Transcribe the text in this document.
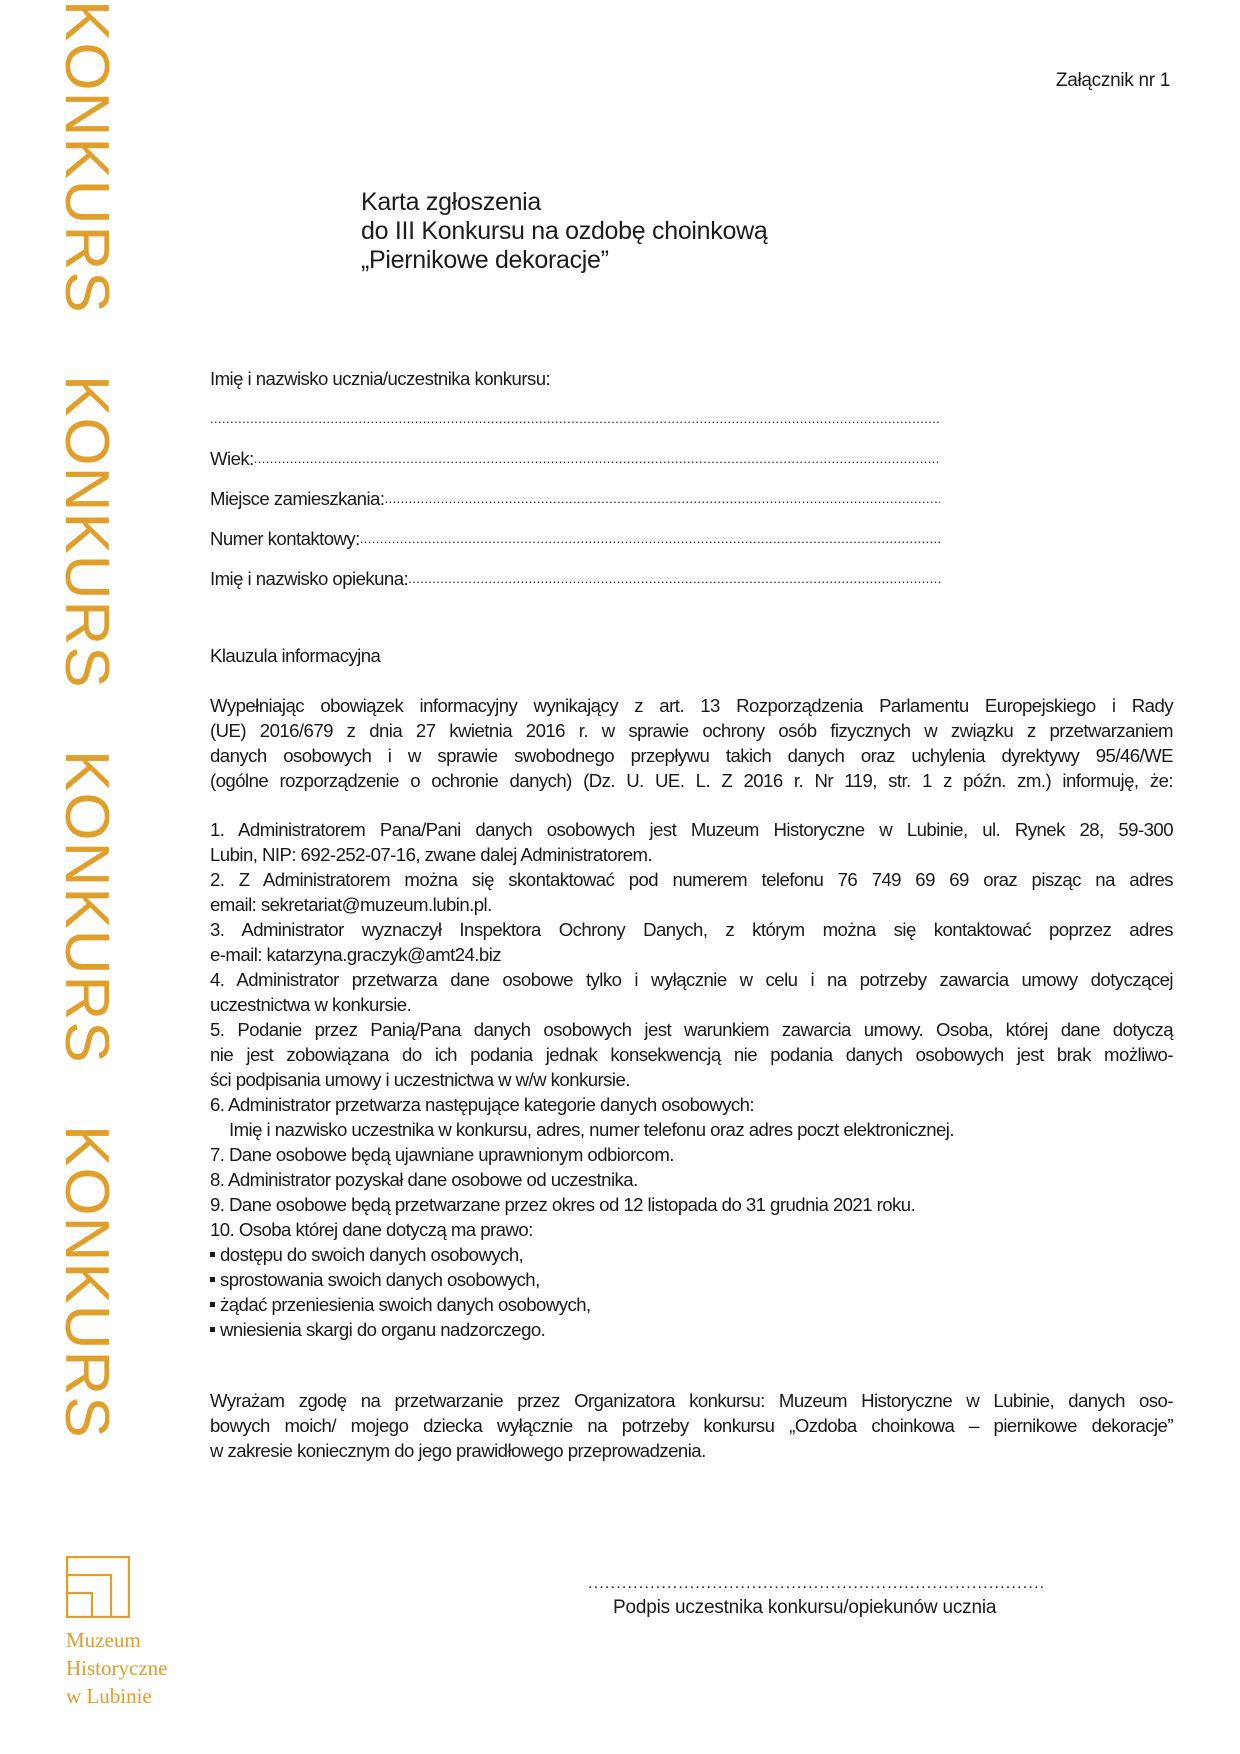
KONKURSKONKURSKONKURSKONKURS
Załącznik nr 1
Karta zgłoszenia
do III Konkursu na ozdobę choinkową
„Piernikowe dekoracje”
Imię i nazwisko ucznia/uczestnika konkursu:
.....
Wiek:
.....
Miejsce zamieszkania:
.....
Numer kontaktowy:
.....
Imię i nazwisko opiekuna:
.....
Klauzula informacyjna
Wypełniając obowiązek informacyjny wynikający z art. 13 Rozporządzenia Parlamentu Europejskiego i Rady
(UE) 2016/679 z dnia 27 kwietnia 2016 r. w sprawie ochrony osób fizycznych w związku z przetwarzaniem
danych osobowych i w sprawie swobodnego przepływu takich danych oraz uchylenia dyrektywy 95/46/WE
(ogólne rozporządzenie o ochronie danych) (Dz. U. UE. L. Z 2016 r. Nr 119, str. 1 z późn. zm.) informuję, że:
1. Administratorem Pana/Pani danych osobowych jest Muzeum Historyczne w Lubinie, ul. Rynek 28, 59-300
Lubin, NIP: 692-252-07-16, zwane dalej Administratorem.
2. Z Administratorem można się skontaktować pod numerem telefonu 76 749 69 69 oraz pisząc na adres
email: sekretariat@muzeum.lubin.pl.
3. Administrator wyznaczył Inspektora Ochrony Danych, z którym można się kontaktować poprzez adres
e-mail: katarzyna.graczyk@amt24.biz
4. Administrator przetwarza dane osobowe tylko i wyłącznie w celu i na potrzeby zawarcia umowy dotyczącej
uczestnictwa w konkursie.
5. Podanie przez Panią/Pana danych osobowych jest warunkiem zawarcia umowy. Osoba, której dane dotyczą
nie jest zobowiązana do ich podania jednak konsekwencją nie podania danych osobowych jest brak możliwo-
ści podpisania umowy i uczestnictwa w w/w konkursie.
6. Administrator przetwarza następujące kategorie danych osobowych:
Imię i nazwisko uczestnika w konkursu, adres, numer telefonu oraz adres poczt elektronicznej.
7. Dane osobowe będą ujawniane uprawnionym odbiorcom.
8. Administrator pozyskał dane osobowe od uczestnika.
9. Dane osobowe będą przetwarzane przez okres od 12 listopada do 31 grudnia 2021 roku.
10. Osoba której dane dotyczą ma prawo:
dostępu do swoich danych osobowych,
sprostowania swoich danych osobowych,
żądać przeniesienia swoich danych osobowych,
wniesienia skargi do organu nadzorczego.
Wyrażam zgodę na przetwarzanie przez Organizatora konkursu: Muzeum Historyczne w Lubinie, danych oso-
bowych moich/ mojego dziecka wyłącznie na potrzeby konkursu „Ozdoba choinkowa – piernikowe dekoracje”
w zakresie koniecznym do jego prawidłowego przeprowadzenia.
.....
Podpis uczestnika konkursu/opiekunów ucznia
Muzeum
Historyczne
w Lubinie
